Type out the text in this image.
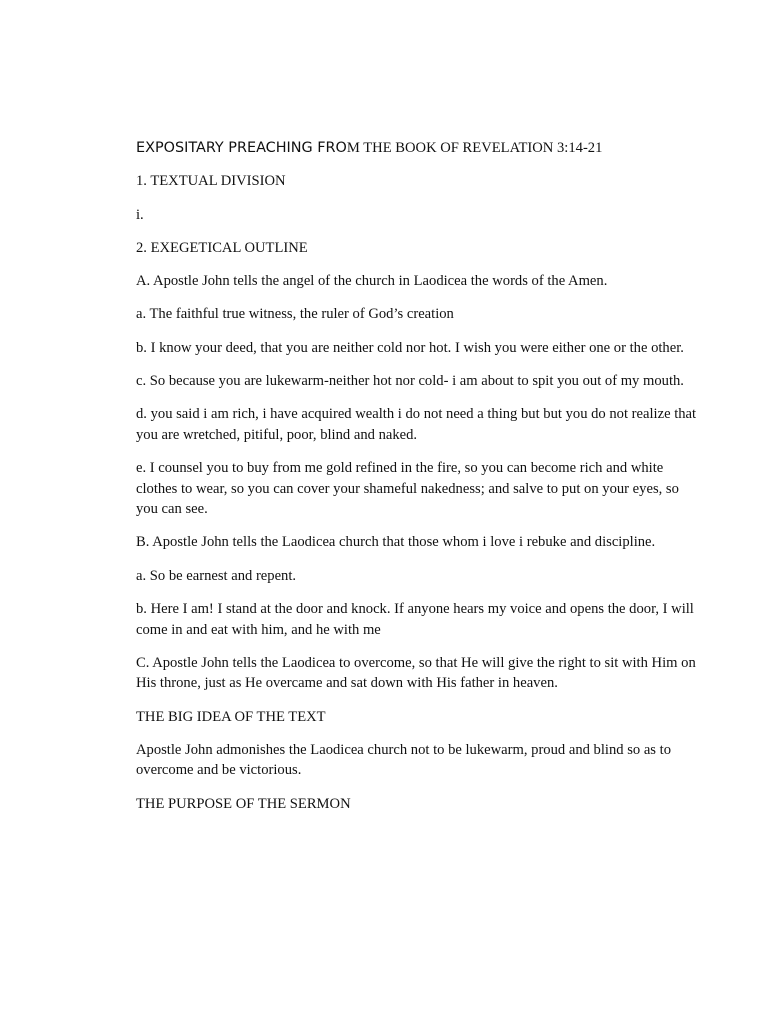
EXPOSITARY PREACHING FROM THE BOOK OF REVELATION 3:14-21

1. TEXTUAL DIVISION

i.

2. EXEGETICAL OUTLINE

A. Apostle John tells the angel of the church in Laodicea the words of the Amen.

a. The faithful true witness, the ruler of God’s creation

b. I know your deed, that you are neither cold nor hot. I wish you were either one or the other.

c. So because you are lukewarm-neither hot nor cold- i am about to spit you out of my mouth.

d. you said i am rich, i have acquired wealth i do not need a thing but but you do not realize that you are wretched, pitiful, poor, blind and naked.

e. I counsel you to buy from me gold refined in the fire, so you can become rich and white clothes to wear, so you can cover your shameful nakedness; and salve to put on your eyes, so you can see.

B. Apostle John tells the Laodicea church that those whom i love i rebuke and discipline.

a. So be earnest and repent.

b. Here I am! I stand at the door and knock. If anyone hears my voice and opens the door, I will come in and eat with him, and he with me

C. Apostle John tells the Laodicea to overcome, so that He will give the right to sit with Him on His throne, just as He overcame and sat down with His father in heaven.

THE BIG IDEA OF THE TEXT

Apostle John admonishes the Laodicea church not to be lukewarm, proud and blind so as to overcome and be victorious.

THE PURPOSE OF THE SERMON
